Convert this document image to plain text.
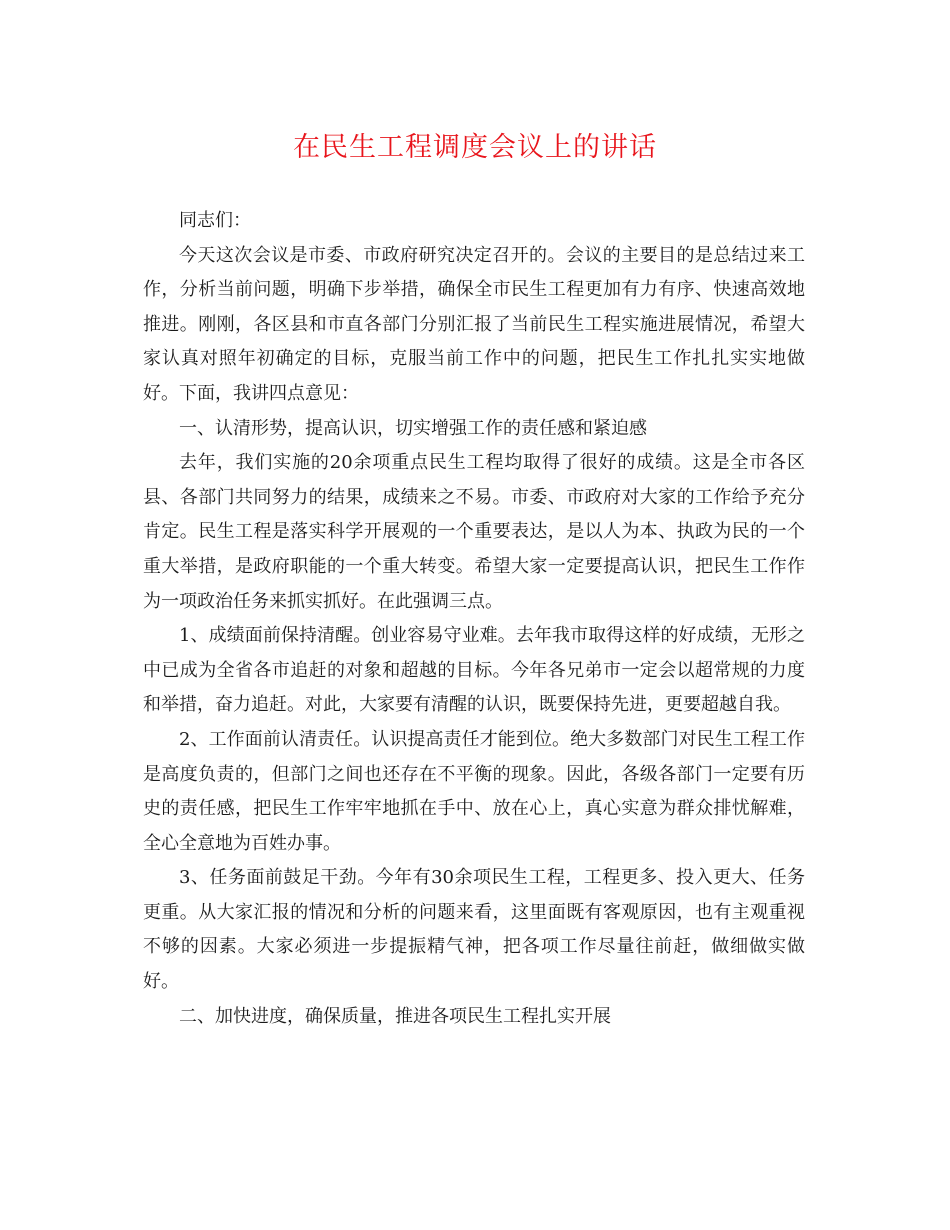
在民生工程调度会议上的讲话

同志们：

今天这次会议是市委、市政府研究决定召开的。会议的主要目的是总结过来工作，分析当前问题，明确下步举措，确保全市民生工程更加有力有序、快速高效地推进。刚刚，各区县和市直各部门分别汇报了当前民生工程实施进展情况，希望大家认真对照年初确定的目标，克服当前工作中的问题，把民生工作扎扎实实地做好。下面，我讲四点意见：

一、认清形势，提高认识，切实增强工作的责任感和紧迫感

去年，我们实施的20余项重点民生工程均取得了很好的成绩。这是全市各区县、各部门共同努力的结果，成绩来之不易。市委、市政府对大家的工作给予充分肯定。民生工程是落实科学开展观的一个重要表达，是以人为本、执政为民的一个重大举措，是政府职能的一个重大转变。希望大家一定要提高认识，把民生工作作为一项政治任务来抓实抓好。在此强调三点。

1、成绩面前保持清醒。创业容易守业难。去年我市取得这样的好成绩，无形之中已成为全省各市追赶的对象和超越的目标。今年各兄弟市一定会以超常规的力度和举措，奋力追赶。对此，大家要有清醒的认识，既要保持先进，更要超越自我。

2、工作面前认清责任。认识提高责任才能到位。绝大多数部门对民生工程工作是高度负责的，但部门之间也还存在不平衡的现象。因此，各级各部门一定要有历史的责任感，把民生工作牢牢地抓在手中、放在心上，真心实意为群众排忧解难，全心全意地为百姓办事。

3、任务面前鼓足干劲。今年有30余项民生工程，工程更多、投入更大、任务更重。从大家汇报的情况和分析的问题来看，这里面既有客观原因，也有主观重视不够的因素。大家必须进一步提振精气神，把各项工作尽量往前赶，做细做实做好。

二、加快进度，确保质量，推进各项民生工程扎实开展
